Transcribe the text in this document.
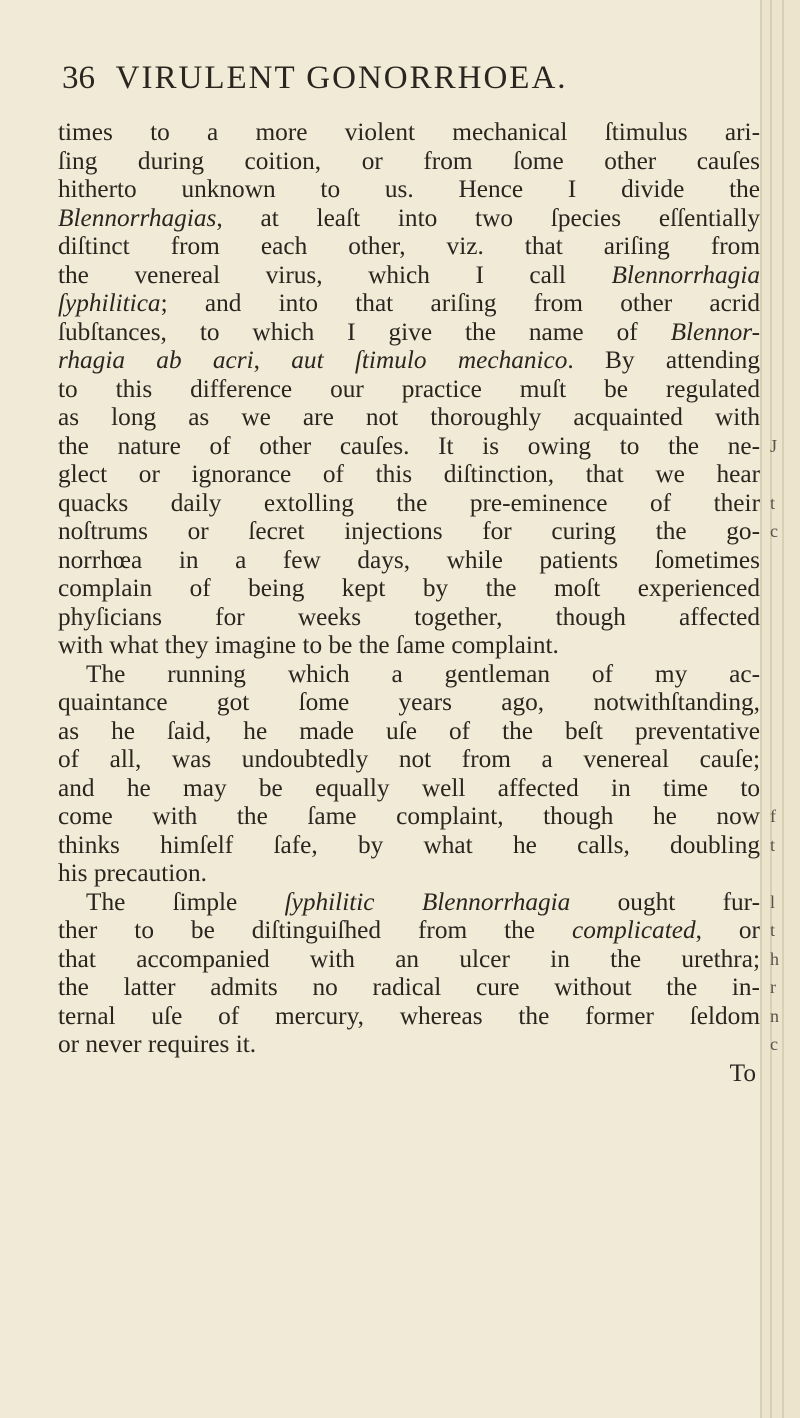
36 VIRULENT GONORRHOEA.
times to a more violent mechanical ſtimulus ari-
ſing during coition, or from ſome other cauſes
hitherto unknown to us. Hence I divide the
Blennorrhagias, at leaſt into two ſpecies eſſentially
diſtinct from each other, viz. that ariſing from
the venereal virus, which I call Blennorrhagia
ſyphilitica; and into that ariſing from other acrid
ſubſtances, to which I give the name of Blennor-
rhagia ab acri, aut ſtimulo mechanico. By attending
to this difference our practice muſt be regulated
as long as we are not thoroughly acquainted with
the nature of other cauſes. It is owing to the ne-
glect or ignorance of this diſtinction, that we hear
quacks daily extolling the pre-eminence of their
noſtrums or ſecret injections for curing the go-
norrhœa in a few days, while patients ſometimes
complain of being kept by the moſt experienced
phyſicians for weeks together, though affected
with what they imagine to be the ſame complaint.
The running which a gentleman of my ac-
quaintance got ſome years ago, notwithſtanding,
as he ſaid, he made uſe of the beſt preventative
of all, was undoubtedly not from a venereal cauſe;
and he may be equally well affected in time to
come with the ſame complaint, though he now
thinks himſelf ſafe, by what he calls, doubling
his precaution.
The ſimple ſyphilitic Blennorrhagia ought fur-
ther to be diſtinguiſhed from the complicated, or
that accompanied with an ulcer in the urethra;
the latter admits no radical cure without the in-
ternal uſe of mercury, whereas the former ſeldom
or never requires it.
To
J
t
c
f
t
l
t
h
r
n
c
